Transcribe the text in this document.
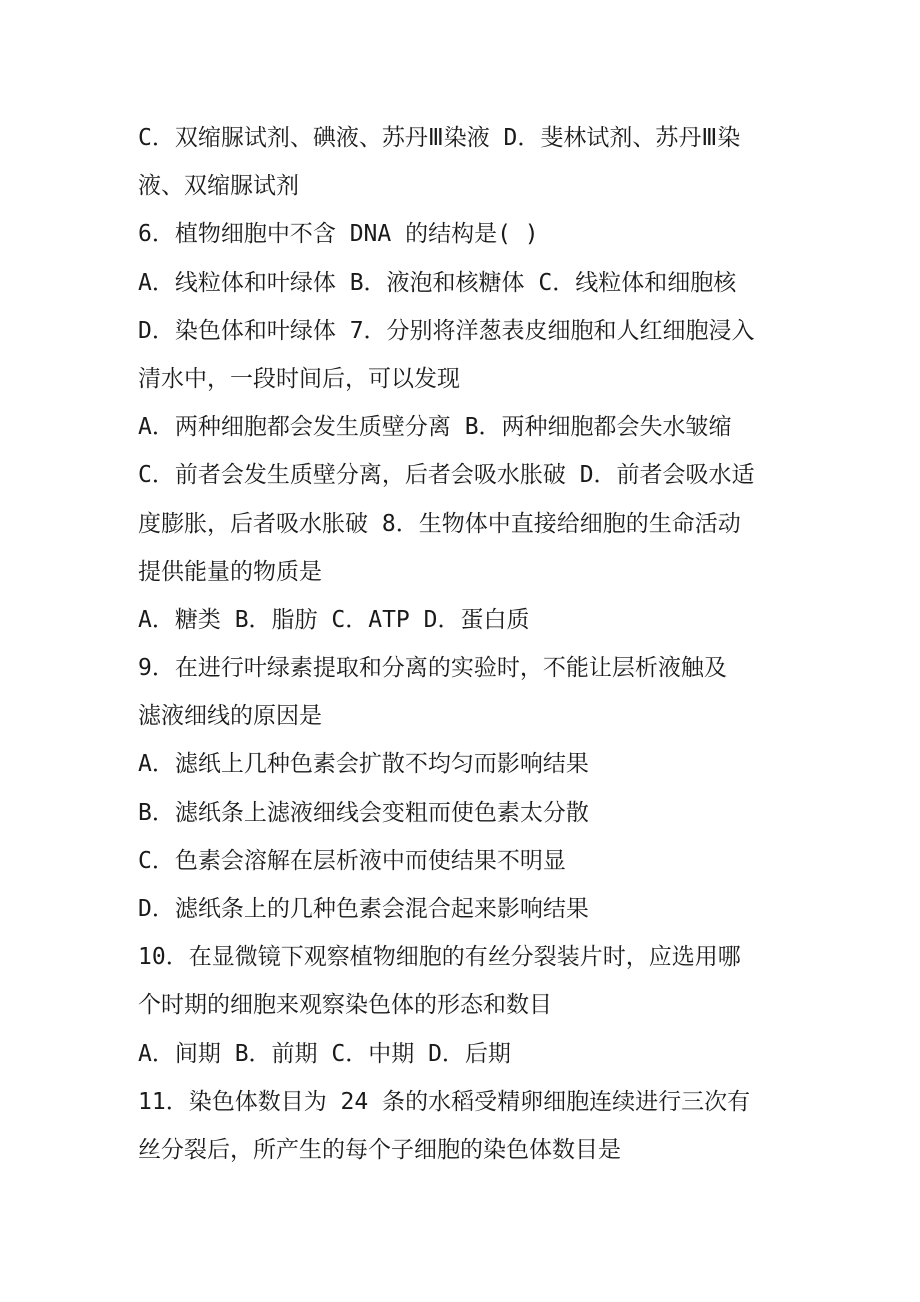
C．双缩脲试剂、碘液、苏丹Ⅲ染液 D．斐林试剂、苏丹Ⅲ染
液、双缩脲试剂
6．植物细胞中不含 DNA 的结构是( )
A．线粒体和叶绿体 B．液泡和核糖体 C．线粒体和细胞核
D．染色体和叶绿体 7．分别将洋葱表皮细胞和人红细胞浸入
清水中，一段时间后，可以发现
A．两种细胞都会发生质壁分离 B．两种细胞都会失水皱缩
C．前者会发生质壁分离，后者会吸水胀破 D．前者会吸水适
度膨胀，后者吸水胀破 8．生物体中直接给细胞的生命活动
提供能量的物质是
A．糖类 B．脂肪 C．ATP D．蛋白质
9．在进行叶绿素提取和分离的实验时，不能让层析液触及
滤液细线的原因是
A．滤纸上几种色素会扩散不均匀而影响结果
B．滤纸条上滤液细线会变粗而使色素太分散
C．色素会溶解在层析液中而使结果不明显
D．滤纸条上的几种色素会混合起来影响结果
10．在显微镜下观察植物细胞的有丝分裂装片时，应选用哪
个时期的细胞来观察染色体的形态和数目
A．间期 B．前期 C．中期 D．后期
11．染色体数目为 24 条的水稻受精卵细胞连续进行三次有
丝分裂后，所产生的每个子细胞的染色体数目是
